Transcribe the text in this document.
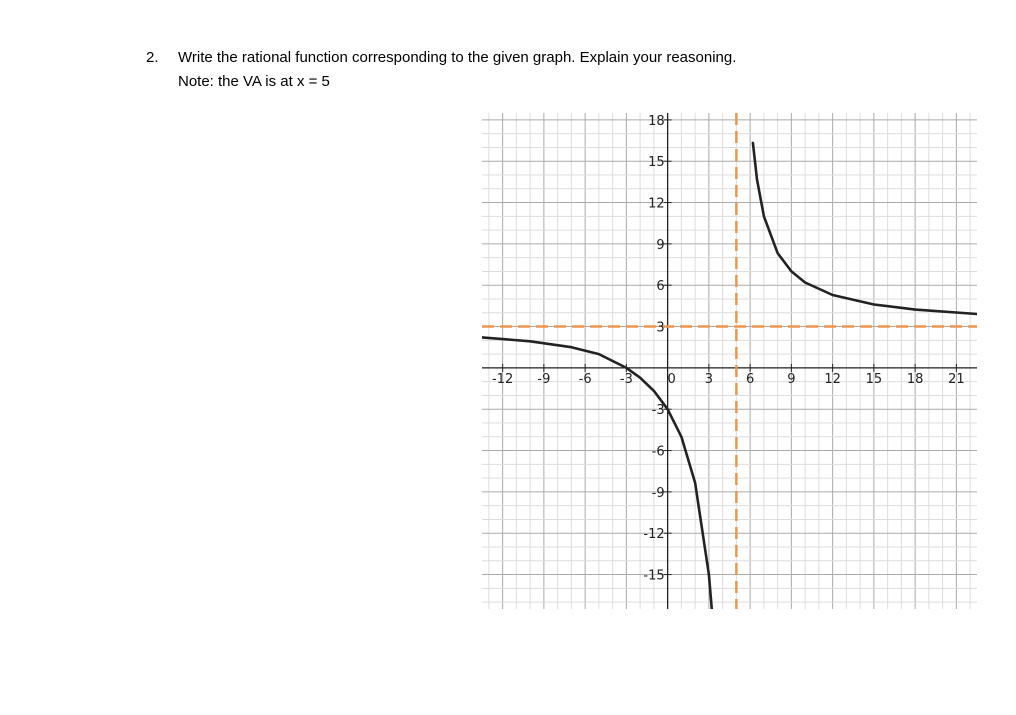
2. Write the rational function corresponding to the given graph. Explain your reasoning.
Note: the VA is at x = 5
-12 -9 -6 -3	0 3	6	9 12 15 18 21
18
15
12
9
6
3
-3
-6
-9
-12
-15
